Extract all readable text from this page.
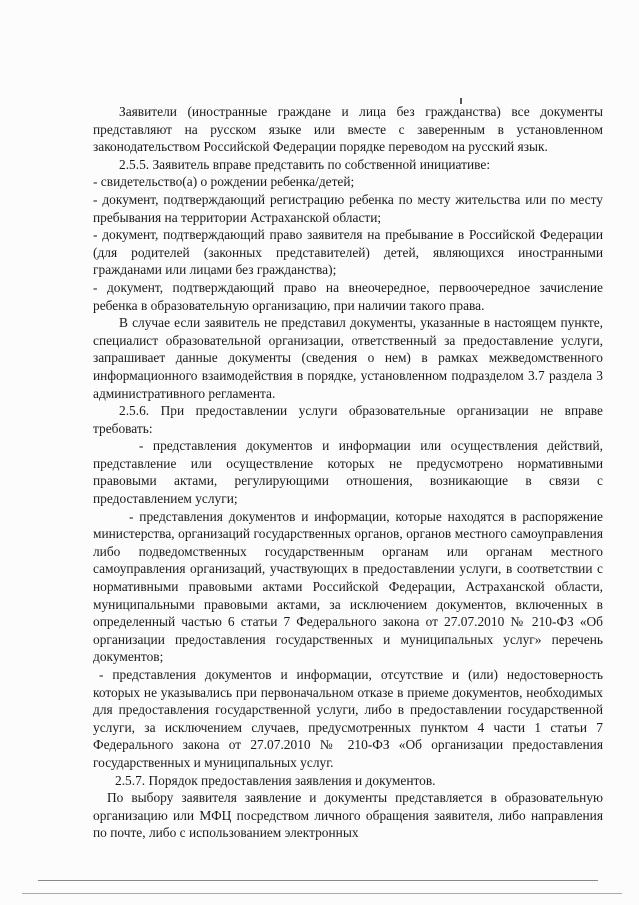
Заявители (иностранные граждане и лица без гражданства) все документы представляют на русском языке или вместе с заверенным в установленном законодательством Российской Федерации порядке переводом на русский язык.

2.5.5. Заявитель вправе представить по собственной инициативе:

- свидетельство(а) о рождении ребенка/детей;

- документ, подтверждающий регистрацию ребенка по месту жительства или по месту пребывания на территории Астраханской области;

- документ, подтверждающий право заявителя на пребывание в Российской Федерации (для родителей (законных представителей) детей, являющихся иностранными гражданами или лицами без гражданства);

- документ, подтверждающий право на внеочередное, первоочередное зачисление ребенка в образовательную организацию, при наличии такого права.

В случае если заявитель не представил документы, указанные в настоящем пункте, специалист образовательной организации, ответственный за предоставление услуги, запрашивает данные документы (сведения о нем) в рамках межведомственного информационного взаимодействия в порядке, установленном подразделом 3.7 раздела 3 административного регламента.

2.5.6. При предоставлении услуги образовательные организации не вправе требовать:

- представления документов и информации или осуществления действий, представление или осуществление которых не предусмотрено нормативными правовыми актами, регулирующими отношения, возникающие в связи с предоставлением услуги;

- представления документов и информации, которые находятся в распоряжение министерства, организаций государственных органов, органов местного самоуправления либо подведомственных государственным органам или органам местного самоуправления организаций, участвующих в предоставлении услуги, в соответствии с нормативными правовыми актами Российской Федерации, Астраханской области, муниципальными правовыми актами, за исключением документов, включенных в определенный частью 6 статьи 7 Федерального закона от 27.07.2010 № 210-ФЗ «Об организации предоставления государственных и муниципальных услуг» перечень документов;

- представления документов и информации, отсутствие и (или) недостоверность которых не указывались при первоначальном отказе в приеме документов, необходимых для предоставления государственной услуги, либо в предоставлении государственной услуги, за исключением случаев, предусмотренных пунктом 4 части 1 статьи 7 Федерального закона от 27.07.2010 № 210-ФЗ «Об организации предоставления государственных и муниципальных услуг.

2.5.7. Порядок предоставления заявления и документов.

По выбору заявителя заявление и документы представляется в образовательную организацию или МФЦ посредством личного обращения заявителя, либо направления по почте, либо с использованием электронных
